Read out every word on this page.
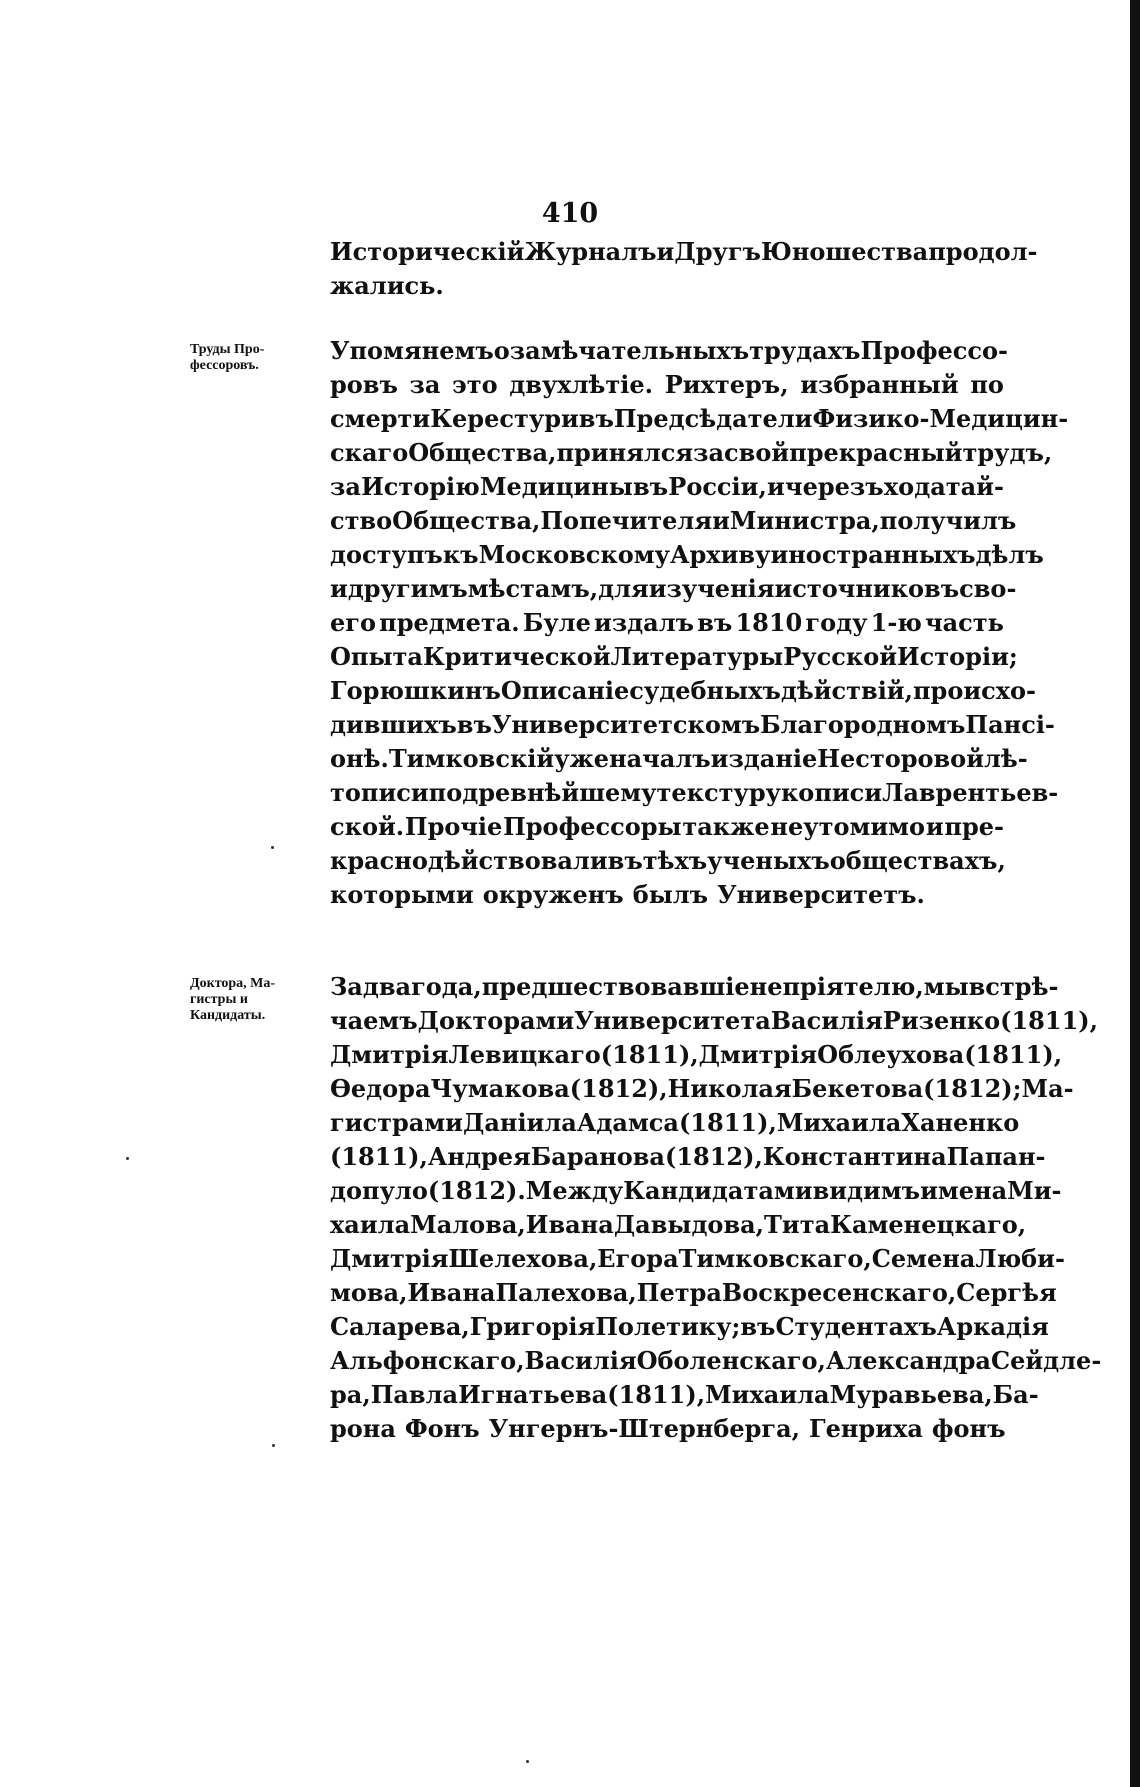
410
Историческій Журналъ и Другъ Юношества продол-
жались.
Труды Про-
фессоровъ.
Упомянемъ о замѣчательныхъ трудахъ Профессо-
ровъ за это двухлѣтіе. Рихтеръ, избранный по
смерти Керестури въ Предсѣдатели Физико-Медицин-
скаго Общества, принялся за свой прекрасный трудъ,
за Исторію Медицины въ Россіи, и черезъ ходатай-
ство Общества, Попечителя и Министра, получилъ
доступъ къ Московскому Архиву иностранныхъ дѣлъ
и другимъ мѣстамъ, для изученія источниковъ сво-
его предмета. Буле издалъ въ 1810 году 1-ю часть
Опыта Критической Литературы Русской Исторіи;
Горюшкинъ Описаніе судебныхъ дѣйствій, происхо-
дившихъ въ Университетскомъ Благородномъ Пансі-
онѣ. Тимковскій уже началъ изданіе Несторовой лѣ-
тописи по древнѣйшему тексту рукописи Лаврентьев-
ской. Прочіе Профессоры также неутомимо и пре-
красно дѣйствовали въ тѣхъ ученыхъ обществахъ,
которыми окруженъ былъ Университетъ.
Доктора, Ма-
гистры и
Кандидаты.
За два года, предшествовавшіе непріятелю, мы встрѣ-
чаемъ Докторами Университета Василія Ризенко (1811),
Дмитрія Левицкаго (1811), Дмитрія Облеухова (1811),
Ѳедора Чумакова (1812), Николая Бекетова (1812); Ма-
гистрами Даніила Адамса (1811), Михаила Ханенко
(1811), Андрея Баранова (1812), Константина Папан-
допуло (1812). Между Кандидатами видимъ имена Ми-
хаила Малова, Ивана Давыдова, Тита Каменецкаго,
Дмитрія Шелехова, Егора Тимковскаго, Семена Люби-
мова, Ивана Палехова, Петра Воскресенскаго, Сергѣя
Саларева, Григорія Полетику; въ Студентахъ Аркадія
Альфонскаго, Василія Оболенскаго, Александра Сейдле-
ра, Павла Игнатьева (1811), Михаила Муравьева, Ба-
рона Фонъ Унгернъ-Штернберга, Генриха фонъ
